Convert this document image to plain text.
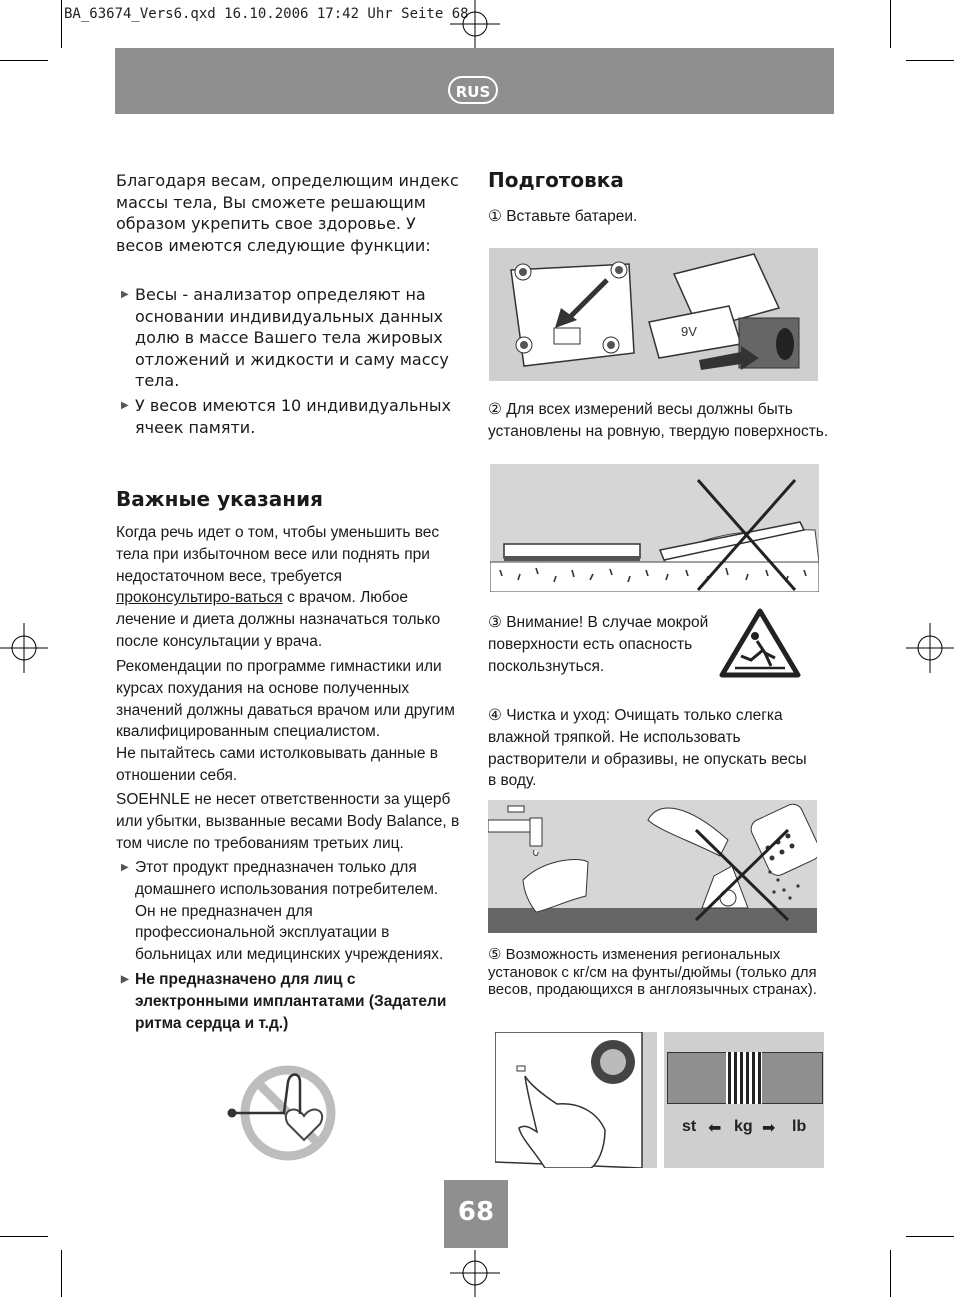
BA_63674_Vers6.qxd 16.10.2006 17:42 Uhr Seite 68
RUS
Благодаря весам, определющим индекс массы тела, Вы сможете решающим образом укрепить свое здоровье. У весов имеются следующие функции:
▶ Весы - анализатор определяют на основании индивидуальных данных долю в массе Вашего тела жировых отложений и жидкости и саму массу тела.
▶ У весов имеются 10 индивидуальных ячеек памяти.
Важные указания
Когда речь идет о том, чтобы уменьшить вес тела при избыточном весе или поднять при недостаточном весе, требуется проконсультиро-ваться с врачом. Любое лечение и диета должны назначаться только после консультации у врача.
Рекомендации по программе гимнастики или курсах похудания на основе полученных значений должны даваться врачом или другим квалифицированным специалистом.
Не пытайтесь сами истолковывать данные в отношении себя.
SOEHNLE не несет ответственности за ущерб или убытки, вызванные весами Body Balance, в том числе по требованиям третьих лиц.
▶ Этот продукт предназначен только для домашнего использования потребителем. Он не предназначен для профессиональной эксплуатации в больницах или медицинских учреждениях.
▶ Не предназначено для лиц с электронными имплантатами (Задатели ритма сердца и т.д.)
Подготовка
① Вставьте батареи.
9V
② Для всех измерений весы должны быть установлены на ровную, твердую поверхность.
③ Внимание! В случае мокрой поверхности есть опасность поскользнуться.
④ Чистка и уход: Очищать только слегка влажной тряпкой. Не использовать растворители и образивы, не опускать весы в воду.
⑤ Возможность изменения региональных установок с кг/см на фунты/дюймы (только для весов, продающихся в англоязычных странах).
st ⬅ kg ➡ lb
68
